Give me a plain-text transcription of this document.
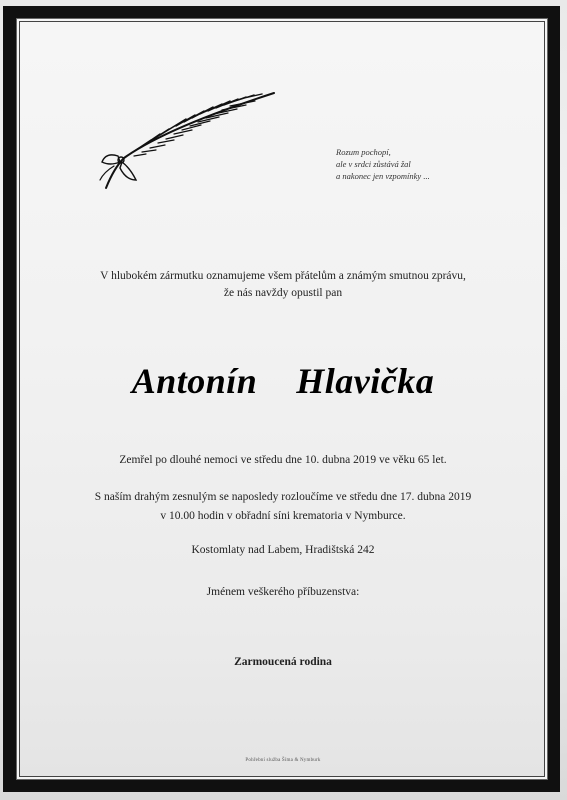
Rozum pochopí,
ale v srdci zůstává žal
a nakonec jen vzpomínky ...
V hlubokém zármutku oznamujeme všem přátelům a známým smutnou zprávu,
že nás navždy opustil pan
Antonín  Hlavička
Zemřel po dlouhé nemoci ve středu dne 10. dubna 2019 ve věku 65 let.
S naším drahým zesnulým se naposledy rozloučíme ve středu dne 17. dubna 2019
v 10.00 hodin v obřadní síni krematoria v Nymburce.
Kostomlaty nad Labem, Hradištská 242
Jménem veškerého příbuzenstva:
Zarmoucená rodina
Pohřební služba Šíma & Nymburk
